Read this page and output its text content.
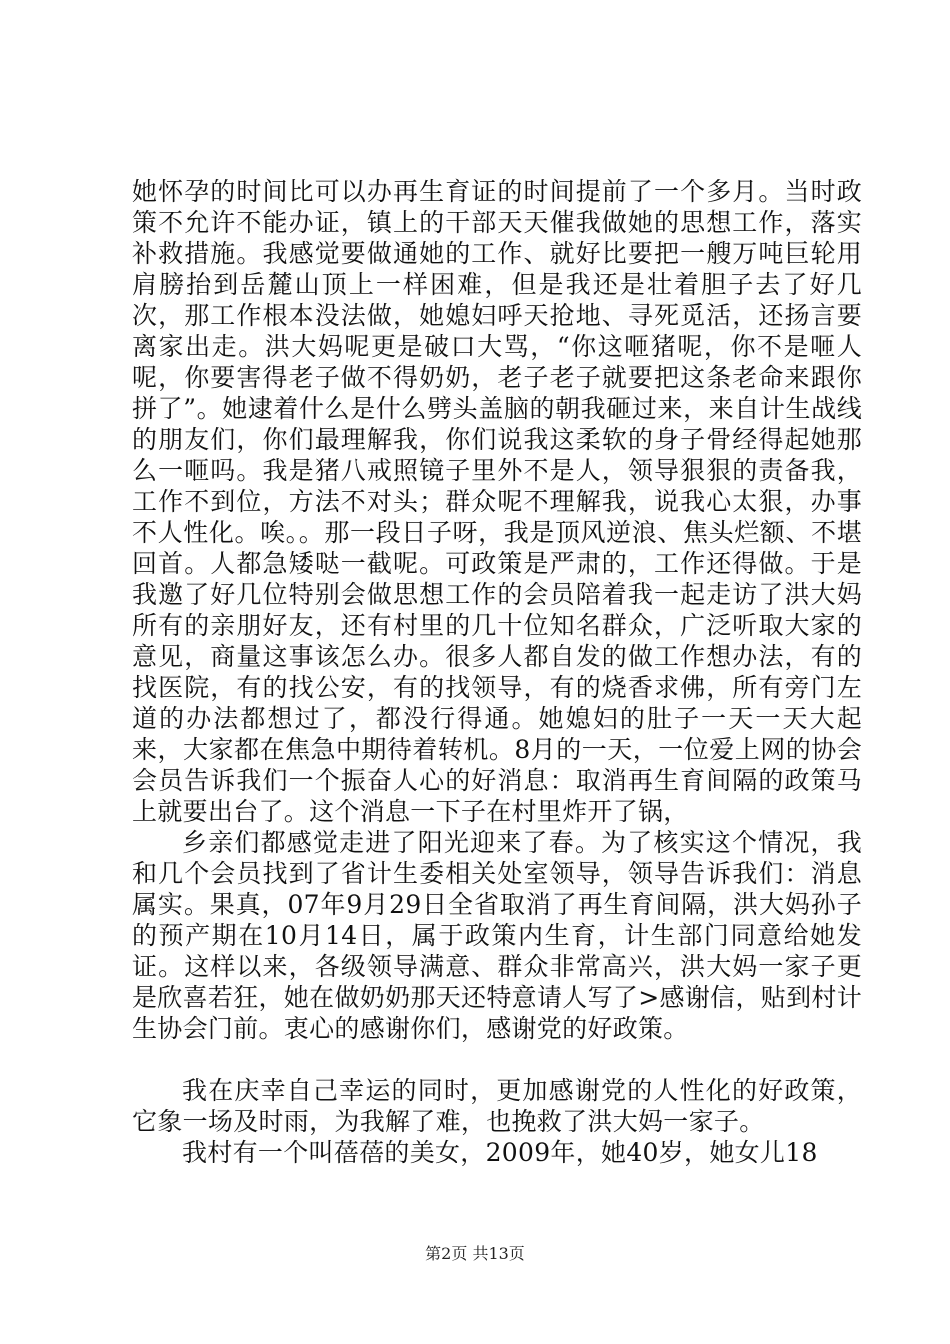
她怀孕的时间比可以办再生育证的时间提前了一个多月。当时政策不允许不能办证，镇上的干部天天催我做她的思想工作，落实补救措施。我感觉要做通她的工作、就好比要把一艘万吨巨轮用肩膀抬到岳麓山顶上一样困难，但是我还是壮着胆子去了好几次，那工作根本没法做，她媳妇呼天抢地、寻死觅活，还扬言要离家出走。洪大妈呢更是破口大骂，“你这咂猪呢，你不是咂人呢，你要害得老子做不得奶奶，老子老子就要把这条老命来跟你拼了”。她逮着什么是什么劈头盖脑的朝我砸过来，来自计生战线的朋友们，你们最理解我，你们说我这柔软的身子骨经得起她那么一咂吗。我是猪八戒照镜子里外不是人，领导狠狠的责备我，工作不到位，方法不对头；群众呢不理解我，说我心太狠，办事不人性化。唉。。那一段日子呀，我是顶风逆浪、焦头烂额、不堪回首。人都急矮哒一截呢。可政策是严肃的，工作还得做。于是我邀了好几位特别会做思想工作的会员陪着我一起走访了洪大妈所有的亲朋好友，还有村里的几十位知名群众，广泛听取大家的意见，商量这事该怎么办。很多人都自发的做工作想办法，有的找医院，有的找公安，有的找领导，有的烧香求佛，所有旁门左道的办法都想过了，都没行得通。她媳妇的肚子一天一天大起来，大家都在焦急中期待着转机。8月的一天，一位爱上网的协会会员告诉我们一个振奋人心的好消息：取消再生育间隔的政策马上就要出台了。这个消息一下子在村里炸开了锅，

乡亲们都感觉走进了阳光迎来了春。为了核实这个情况，我和几个会员找到了省计生委相关处室领导，领导告诉我们：消息属实。果真，07年9月29日全省取消了再生育间隔，洪大妈孙子的预产期在10月14日，属于政策内生育，计生部门同意给她发证。这样以来，各级领导满意、群众非常高兴，洪大妈一家子更是欣喜若狂，她在做奶奶那天还特意请人写了>感谢信，贴到村计生协会门前。衷心的感谢你们，感谢党的好政策。

我在庆幸自己幸运的同时，更加感谢党的人性化的好政策，它象一场及时雨，为我解了难，也挽救了洪大妈一家子。

我村有一个叫蓓蓓的美女，2009年，她40岁，她女儿18

第2页 共13页
